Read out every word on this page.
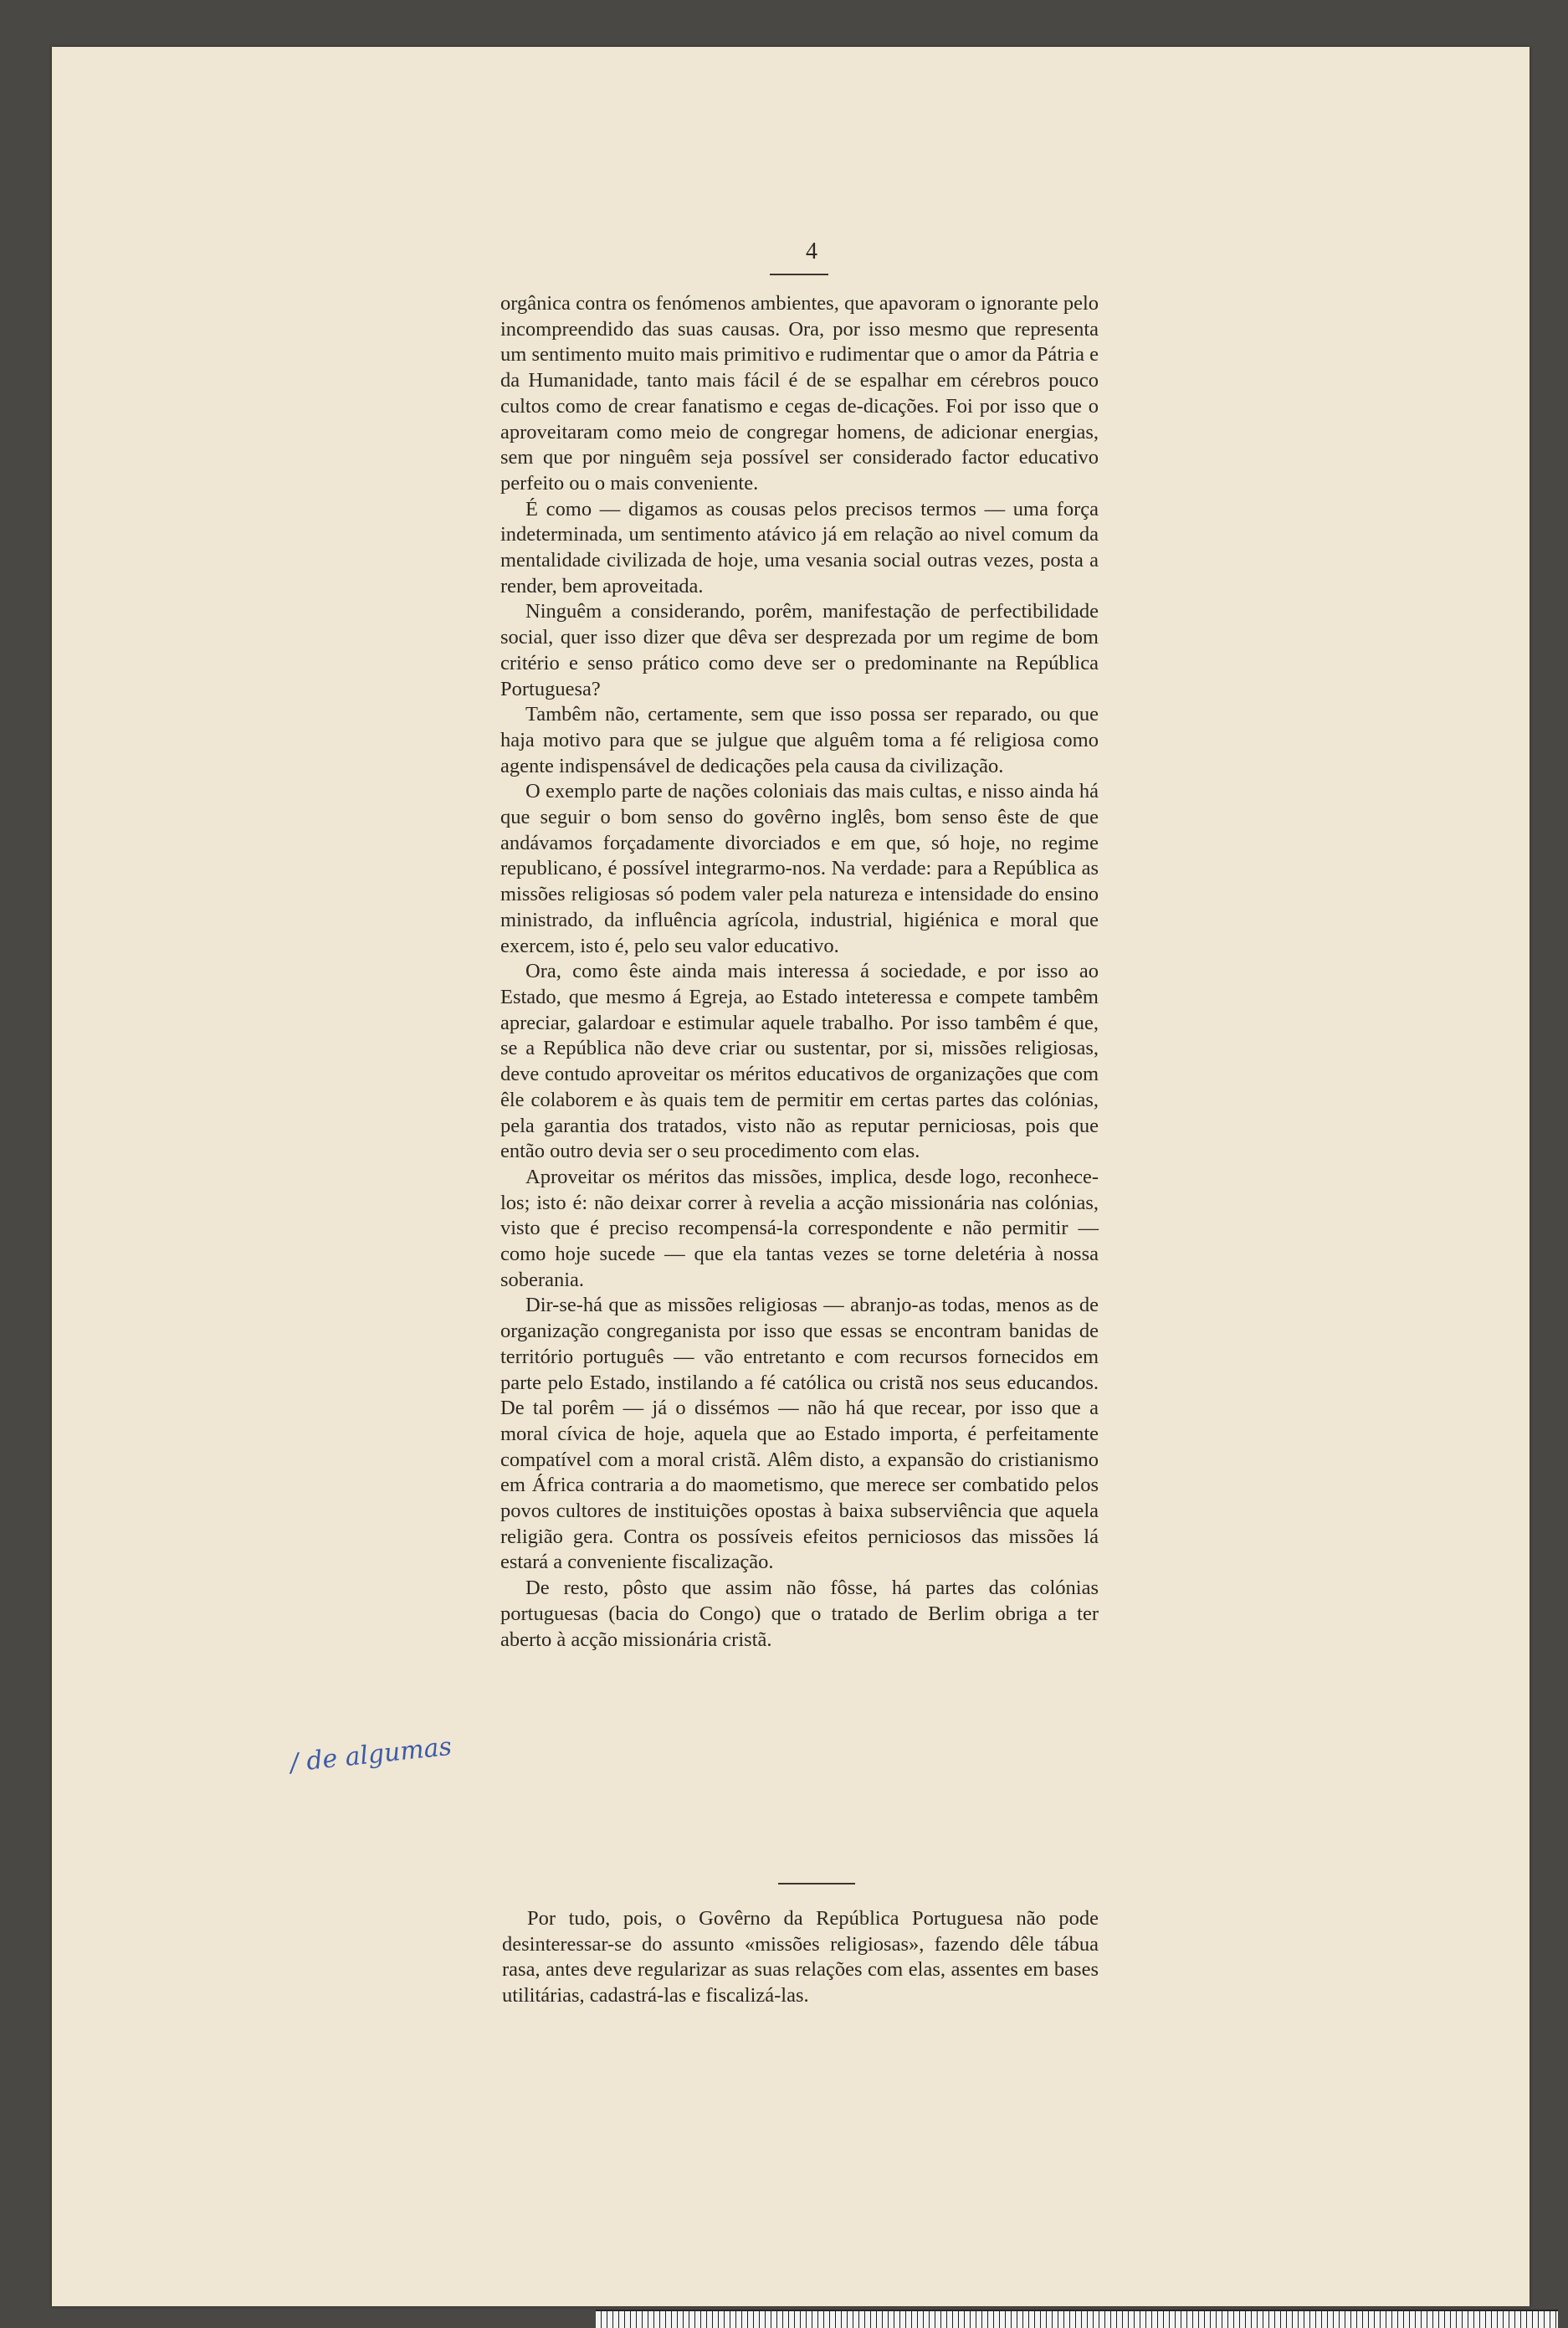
4

orgânica contra os fenómenos ambientes, que apavoram o ignorante pelo incompreendido das suas causas. Ora, por isso mesmo que representa um sentimento muito mais primitivo e rudimentar que o amor da Pátria e da Humanidade, tanto mais fácil é de se espalhar em cérebros pouco cultos como de crear fanatismo e cegas de-dicações. Foi por isso que o aproveitaram como meio de congregar homens, de adicionar energias, sem que por ninguêm seja possível ser considerado factor educativo perfeito ou o mais conveniente.

É como — digamos as cousas pelos precisos termos — uma força indeterminada, um sentimento atávico já em relação ao nivel comum da mentalidade civilizada de hoje, uma vesania social outras vezes, posta a render, bem aproveitada.

Ninguêm a considerando, porêm, manifestação de perfectibilidade social, quer isso dizer que dêva ser desprezada por um regime de bom critério e senso prático como deve ser o predominante na República Portuguesa?

Tambêm não, certamente, sem que isso possa ser reparado, ou que haja motivo para que se julgue que alguêm toma a fé religiosa como agente indispensável de dedicações pela causa da civilização.

O exemplo parte de nações coloniais das mais cultas, e nisso ainda há que seguir o bom senso do govêrno inglês, bom senso êste de que andávamos forçadamente divorciados e em que, só hoje, no regime republicano, é possível integrarmo-nos. Na verdade: para a República as missões religiosas só podem valer pela natureza e intensidade do ensino ministrado, da influência agrícola, industrial, higiénica e moral que exercem, isto é, pelo seu valor educativo.

Ora, como êste ainda mais interessa á sociedade, e por isso ao Estado, que mesmo á Egreja, ao Estado inteteressa e compete tambêm apreciar, galardoar e estimular aquele trabalho. Por isso tambêm é que, se a República não deve criar ou sustentar, por si, missões religiosas, deve contudo aproveitar os méritos educativos de organizações que com êle colaborem e às quais tem de permitir em certas partes das colónias, pela garantia dos tratados, visto não as reputar perniciosas, pois que então outro devia ser o seu procedimento com elas.

Aproveitar os méritos das missões, implica, desde logo, reconhece-los; isto é: não deixar correr à revelia a acção missionária nas colónias, visto que é preciso recompensá-la correspondente e não permitir — como hoje sucede — que ela tantas vezes se torne deletéria à nossa soberania.

Dir-se-há que as missões religiosas — abranjo-as todas, menos as de organização congreganista por isso que essas se encontram banidas de território português — vão entretanto e com recursos fornecidos em parte pelo Estado, instilando a fé católica ou cristã nos seus educandos. De tal porêm — já o dissémos — não há que recear, por isso que a moral cívica de hoje, aquela que ao Estado importa, é perfeitamente compatível com a moral cristã. Alêm disto, a expansão do cristianismo em África contraria a do maometismo, que merece ser combatido pelos povos cultores de instituições opostas à baixa subserviência que aquela religião gera. Contra os possíveis efeitos perniciosos das missões lá estará a conveniente fiscalização.

De resto, pôsto que assim não fôsse, há partes das colónias portuguesas (bacia do Congo) que o tratado de Berlim obriga a ter aberto à acção missionária cristã.

Por tudo, pois, o Govêrno da República Portuguesa não pode desinteressar-se do assunto «missões religiosas», fazendo dêle tábua rasa, antes deve regularizar as suas relações com elas, assentes em bases utilitárias, cadastrá-las e fiscalizá-las.

/ de algumas
